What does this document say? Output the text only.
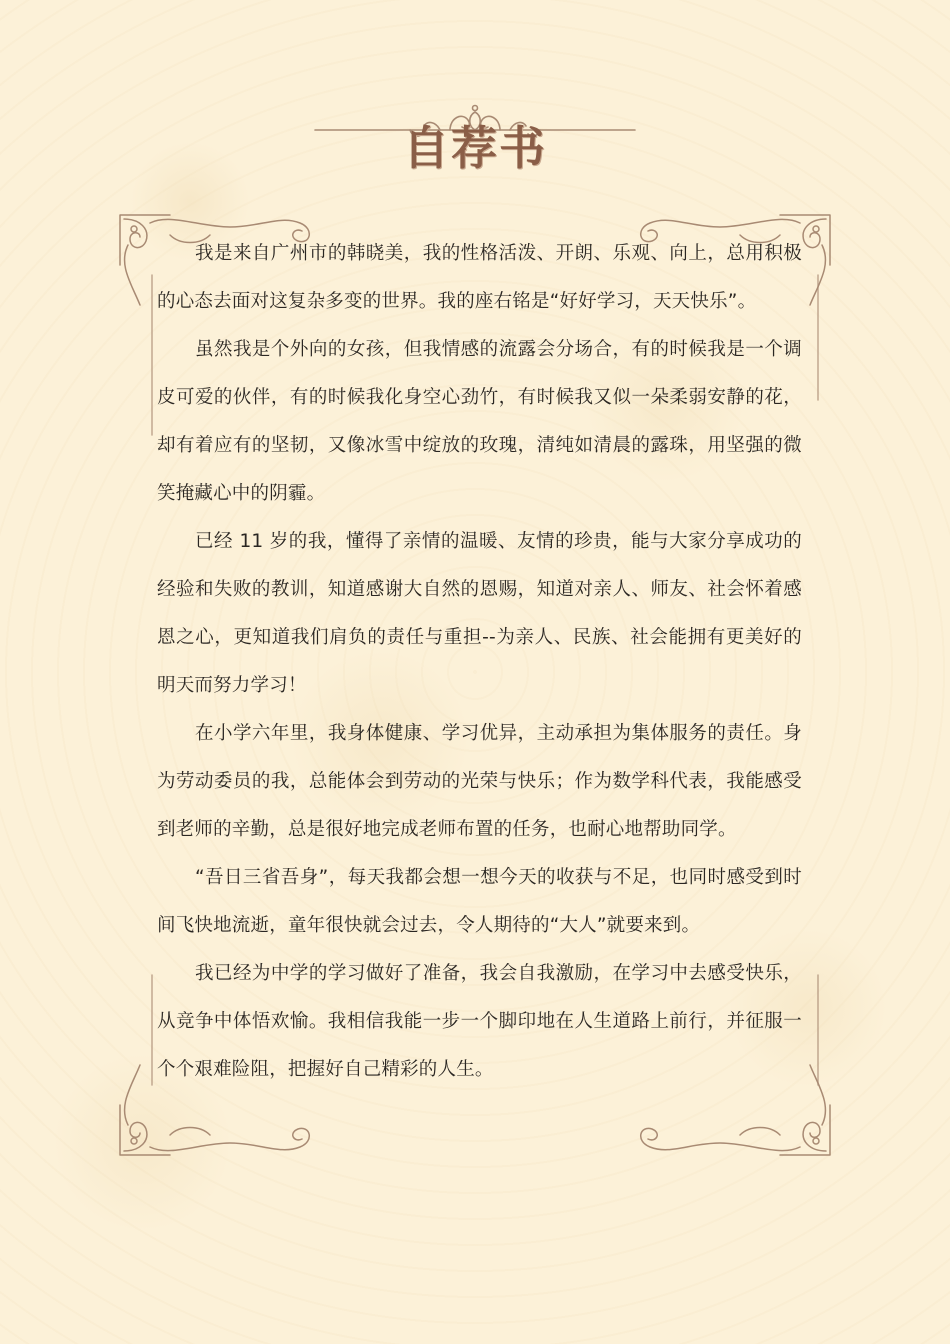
自荐书

我是来自广州市的韩晓美，我的性格活泼、开朗、乐观、向上，总用积极的心态去面对这复杂多变的世界。我的座右铭是“好好学习，天天快乐”。

虽然我是个外向的女孩，但我情感的流露会分场合，有的时候我是一个调皮可爱的伙伴，有的时候我化身空心劲竹，有时候我又似一朵柔弱安静的花，却有着应有的坚韧，又像冰雪中绽放的玫瑰，清纯如清晨的露珠，用坚强的微笑掩藏心中的阴霾。

已经 11 岁的我，懂得了亲情的温暖、友情的珍贵，能与大家分享成功的经验和失败的教训，知道感谢大自然的恩赐，知道对亲人、师友、社会怀着感恩之心，更知道我们肩负的责任与重担--为亲人、民族、社会能拥有更美好的明天而努力学习！

在小学六年里，我身体健康、学习优异，主动承担为集体服务的责任。身为劳动委员的我，总能体会到劳动的光荣与快乐；作为数学科代表，我能感受到老师的辛勤，总是很好地完成老师布置的任务，也耐心地帮助同学。

“吾日三省吾身”，每天我都会想一想今天的收获与不足，也同时感受到时间飞快地流逝，童年很快就会过去，令人期待的“大人”就要来到。

我已经为中学的学习做好了准备，我会自我激励，在学习中去感受快乐，从竞争中体悟欢愉。我相信我能一步一个脚印地在人生道路上前行，并征服一个个艰难险阻，把握好自己精彩的人生。
